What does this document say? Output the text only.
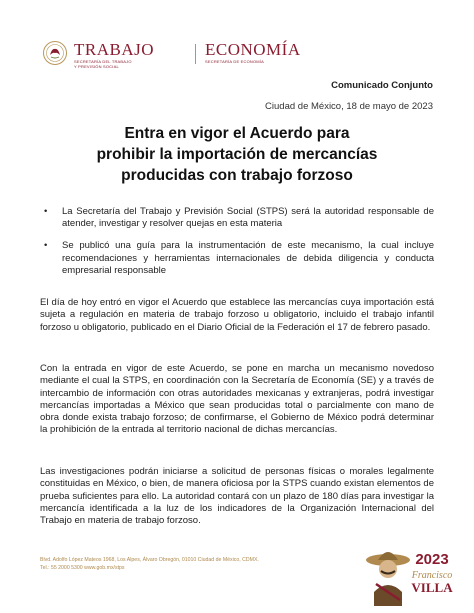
TRABAJO
SECRETARÍA DEL TRABAJO
Y PREVISIÓN SOCIAL
ECONOMÍA
SECRETARÍA DE ECONOMÍA
Comunicado Conjunto
Ciudad de México, 18 de mayo de 2023
Entra en vigor el Acuerdo para
prohibir la importación de mercancías
producidas con trabajo forzoso
• La Secretaría del Trabajo y Previsión Social (STPS) será la autoridad responsable de atender, investigar y resolver quejas en esta materia
• Se publicó una guía para la instrumentación de este mecanismo, la cual incluye recomendaciones y herramientas internacionales de debida diligencia y conducta empresarial responsable

El día de hoy entró en vigor el Acuerdo que establece las mercancías cuya importación está sujeta a regulación en materia de trabajo forzoso u obligatorio, incluido el trabajo infantil forzoso u obligatorio, publicado en el Diario Oficial de la Federación el 17 de febrero pasado.

Con la entrada en vigor de este Acuerdo, se pone en marcha un mecanismo novedoso mediante el cual la STPS, en coordinación con la Secretaría de Economía (SE) y a través de intercambio de información con otras autoridades mexicanas y extranjeras, podrá investigar mercancías importadas a México que sean producidas total o parcialmente con mano de obra donde exista trabajo forzoso; de confirmarse, el Gobierno de México podrá determinar la prohibición de la entrada al territorio nacional de dichas mercancías.

Las investigaciones podrán iniciarse a solicitud de personas físicas o morales legalmente constituidas en México, o bien, de manera oficiosa por la STPS cuando existan elementos de prueba suficientes para ello. La autoridad contará con un plazo de 180 días para investigar la mercancía identificada a la luz de los indicadores de la Organización Internacional del Trabajo en materia de trabajo forzoso.

Blvd. Adolfo López Mateos 1968, Los Alpes, Álvaro Obregón, 01010 Ciudad de México, CDMX.
Tel.: 55 2000 5300 www.gob.mx/stps	2023
Francisco
VILLA
